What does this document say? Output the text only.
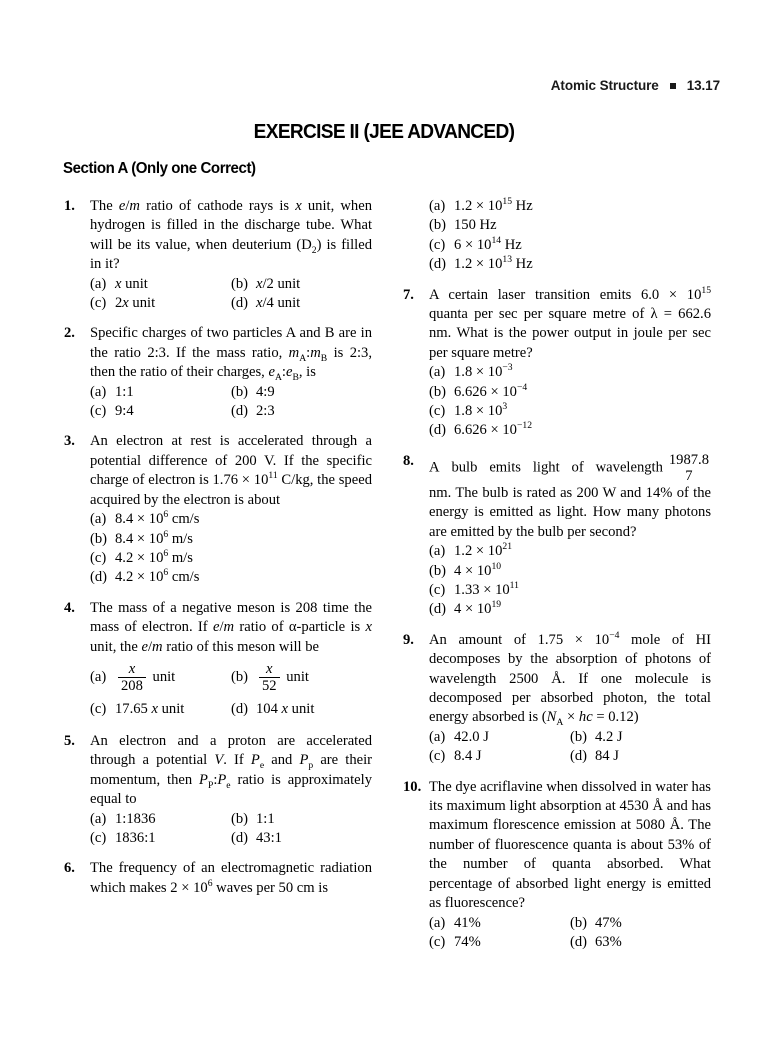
Atomic Structure 13.17
EXERCISE II (JEE ADVANCED)
Section A (Only one Correct)
1.	The e/m ratio of cathode rays is x unit, when hydrogen is filled in the discharge tube. What will be its value, when deuterium $(D_2)$ is filled in it?
(a) x unit	(b) x/2 unit
(c) 2x unit	(d) x/4 unit
2.	Specific charges of two particles A and B are in the ratio 2:3. If the mass ratio, $m_A:m_B$ is 2:3, then the ratio of their charges, $e_A:e_B$, is
(a) 1:1	(b) 4:9
(c) 9:4	(d) 2:3
3.	An electron at rest is accelerated through a potential difference of 200 V. If the specific charge of electron is $1.76 \times 10^{11}$ C/kg, the speed acquired by the electron is about
(a) $8.4 \times 10^6$ cm/s
(b) $8.4 \times 10^6$ m/s
(c) $4.2 \times 10^6$ m/s
(d) $4.2 \times 10^6$ cm/s
4.	The mass of a negative meson is 208 time the mass of electron. If e/m ratio of α-particle is x unit, the e/m ratio of this meson will be
$(a) \frac{x}{208}$ unit	$(b) \frac{x}{52}$ unit
(c) 17.65 x unit	(d) 104 x unit
5.	An electron and a proton are accelerated through a potential V. If $P_e$ and $P_p$ are their momentum, then $P_P:P_e$ ratio is approximately equal to
(a) 1:1836	(b) 1:1
(c) 1836:1	(d) 43:1
6.	The frequency of an electromagnetic radiation which makes $2 \times 10^6$ waves per 50 cm is
(a) $1.2 \times 10^{15}$ Hz
(b) 150 Hz
(c) $6 \times 10^{14}$ Hz
(d) $1.2 \times 10^{13}$ Hz
7.	A certain laser transition emits $6.0 \times 10^{15}$ quanta per sec per square metre of λ = 662.6 nm. What is the power output in joule per sec per square metre?
(a) $1.8 \times 10^{-3}$
(b) $6.626 \times 10^{-4}$
(c) $1.8 \times 10^3$
(d) $6.626 \times 10^{-12}$
8.	A  bulb  emits  light  of  wavelength 1987.8
7
nm. The bulb is rated as 200 W and 14% of the energy is emitted as light. How many photons are emitted by the bulb per second?
(a) $1.2 \times 10^{21}$
(b) $4 \times 10^{10}$
(c) $1.33 \times 10^{11}$
(d) $4 \times 10^{19}$
9.	An amount of $1.75 \times 10^{-4}$ mole of HI decomposes by the absorption of photons of wavelength 2500 Å. If one molecule is decomposed per absorbed photon, the total energy absorbed is ($N_A$ × hc = 0.12)
(a) 42.0 J	(b) 4.2 J
(c) 8.4 J	(d) 84 J
10. The dye acriflavine when dissolved in water has its maximum light absorption at 4530 Å and has maximum florescence emission at 5080 Å. The number of fluorescence quanta is about 53% of the number of quanta absorbed. What percentage of absorbed light energy is emitted as fluorescence?
(a) 41%	(b) 47%
(c) 74%	(d) 63%
